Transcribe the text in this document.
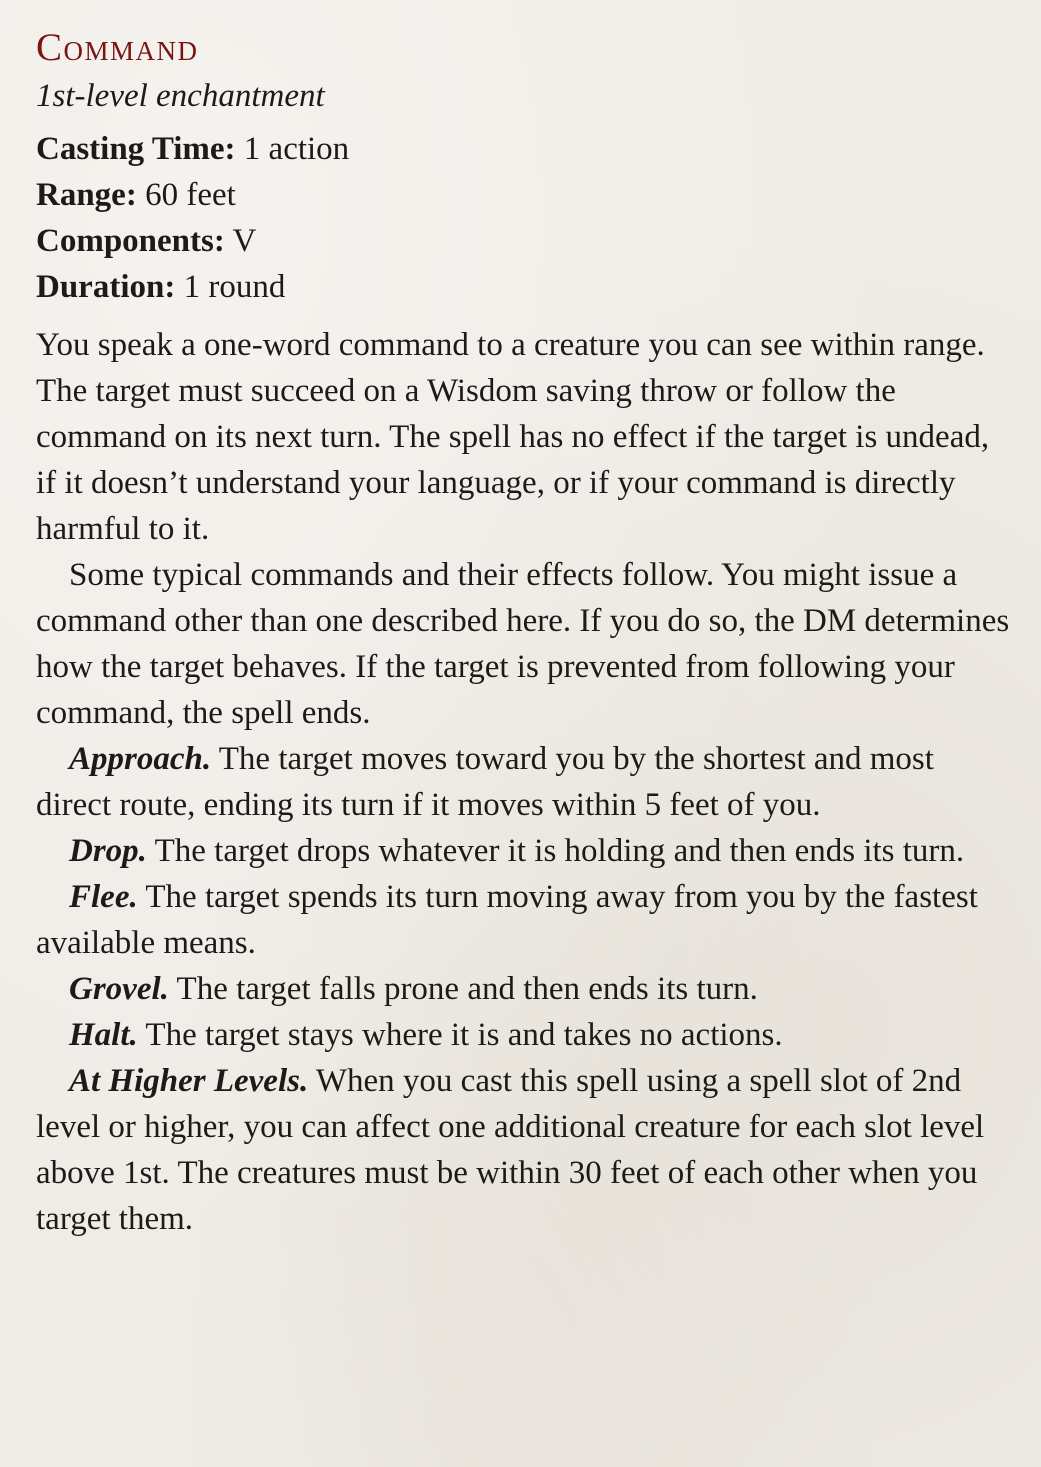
Command
1st-level enchantment
Casting Time: 1 action
Range: 60 feet
Components: V
Duration: 1 round

You speak a one-word command to a creature you can see within range. The target must succeed on a Wisdom saving throw or follow the command on its next turn. The spell has no effect if the target is undead, if it doesn’t understand your language, or if your command is directly harmful to it.

Some typical commands and their effects follow. You might issue a command other than one described here. If you do so, the DM determines how the target behaves. If the target is prevented from following your command, the spell ends.

Approach. The target moves toward you by the shortest and most direct route, ending its turn if it moves within 5 feet of you.

Drop. The target drops whatever it is holding and then ends its turn.

Flee. The target spends its turn moving away from you by the fastest available means.

Grovel. The target falls prone and then ends its turn.

Halt. The target stays where it is and takes no actions.

At Higher Levels. When you cast this spell using a spell slot of 2nd level or higher, you can affect one additional creature for each slot level above 1st. The creatures must be within 30 feet of each other when you target them.
